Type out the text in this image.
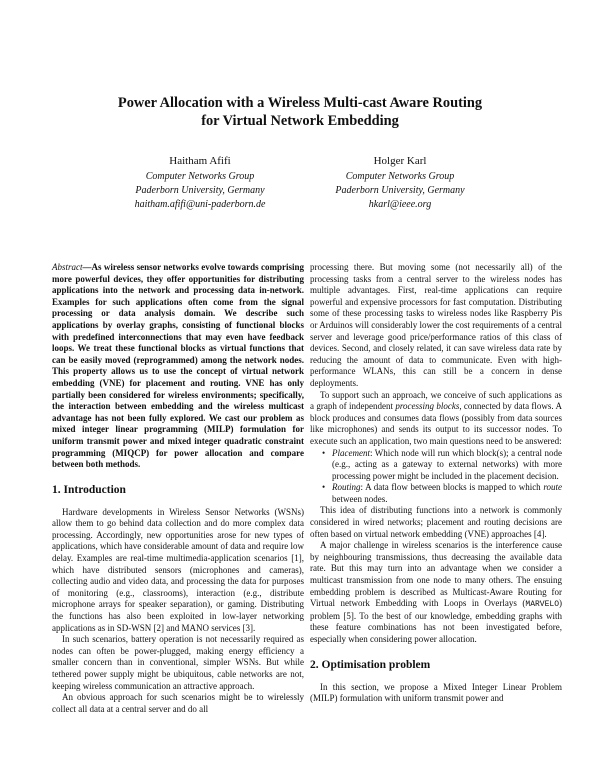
Power Allocation with a Wireless Multi-cast Aware Routing
for Virtual Network Embedding
Haitham Afifi
Computer Networks Group
Paderborn University, Germany
haitham.afifi@uni-paderborn.de
Holger Karl
Computer Networks Group
Paderborn University, Germany
hkarl@ieee.org

Abstract—As wireless sensor networks evolve towards comprising more powerful devices, they offer opportunities for distributing applications into the network and processing data in-network. Examples for such applications often come from the signal processing or data analysis domain. We describe such applications by overlay graphs, consisting of functional blocks with predefined interconnections that may even have feedback loops. We treat these functional blocks as virtual functions that can be easily moved (reprogrammed) among the network nodes. This property allows us to use the concept of virtual network embedding (VNE) for placement and routing. VNE has only partially been considered for wireless environments; specifically, the interaction between embedding and the wireless multicast advantage has not been fully explored. We cast our problem as mixed integer linear programming (MILP) formulation for uniform transmit power and mixed integer quadratic constraint programming (MIQCP) for power allocation and compare between both methods.

1. Introduction

Hardware developments in Wireless Sensor Networks (WSNs) allow them to go behind data collection and do more complex data processing. Accordingly, new opportunities arose for new types of applications, which have considerable amount of data and require low delay. Examples are real-time multimedia-application scenarios [1], which have distributed sensors (microphones and cameras), collecting audio and video data, and processing the data for purposes of monitoring (e.g., classrooms), interaction (e.g., distribute microphone arrays for speaker separation), or gaming. Distributing the functions has also been exploited in low-layer networking applications as in SD-WSN [2] and MANO services [3].

In such scenarios, battery operation is not necessarily required as nodes can often be power-plugged, making energy efficiency a smaller concern than in conventional, simpler WSNs. But while tethered power supply might be ubiquitous, cable networks are not, keeping wireless communication an attractive approach.

An obvious approach for such scenarios might be to wirelessly collect all data at a central server and do all

processing there. But moving some (not necessarily all) of the processing tasks from a central server to the wireless nodes has multiple advantages. First, real-time applications can require powerful and expensive processors for fast computation. Distributing some of these processing tasks to wireless nodes like Raspberry Pis or Arduinos will considerably lower the cost requirements of a central server and leverage good price/performance ratios of this class of devices. Second, and closely related, it can save wireless data rate by reducing the amount of data to communicate. Even with high-performance WLANs, this can still be a concern in dense deployments.

To support such an approach, we conceive of such applications as a graph of independent processing blocks, connected by data flows. A block produces and consumes data flows (possibly from data sources like microphones) and sends its output to its successor nodes. To execute such an application, two main questions need to be answered:

• Placement: Which node will run which block(s); a central node (e.g., acting as a gateway to external networks) with more processing power might be included in the placement decision.
• Routing: A data flow between blocks is mapped to which route between nodes.

This idea of distributing functions into a network is commonly considered in wired networks; placement and routing decisions are often based on virtual network embedding (VNE) approaches [4].

A major challenge in wireless scenarios is the interference cause by neighbouring transmissions, thus decreasing the available data rate. But this may turn into an advantage when we consider a multicast transmission from one node to many others. The ensuing embedding problem is described as Multicast-Aware Routing for Virtual network Embedding with Loops in Overlays (MARVELO) problem [5]. To the best of our knowledge, embedding graphs with these feature combinations has not been investigated before, especially when considering power allocation.

2. Optimisation problem

In this section, we propose a Mixed Integer Linear Problem (MILP) formulation with uniform transmit power and
